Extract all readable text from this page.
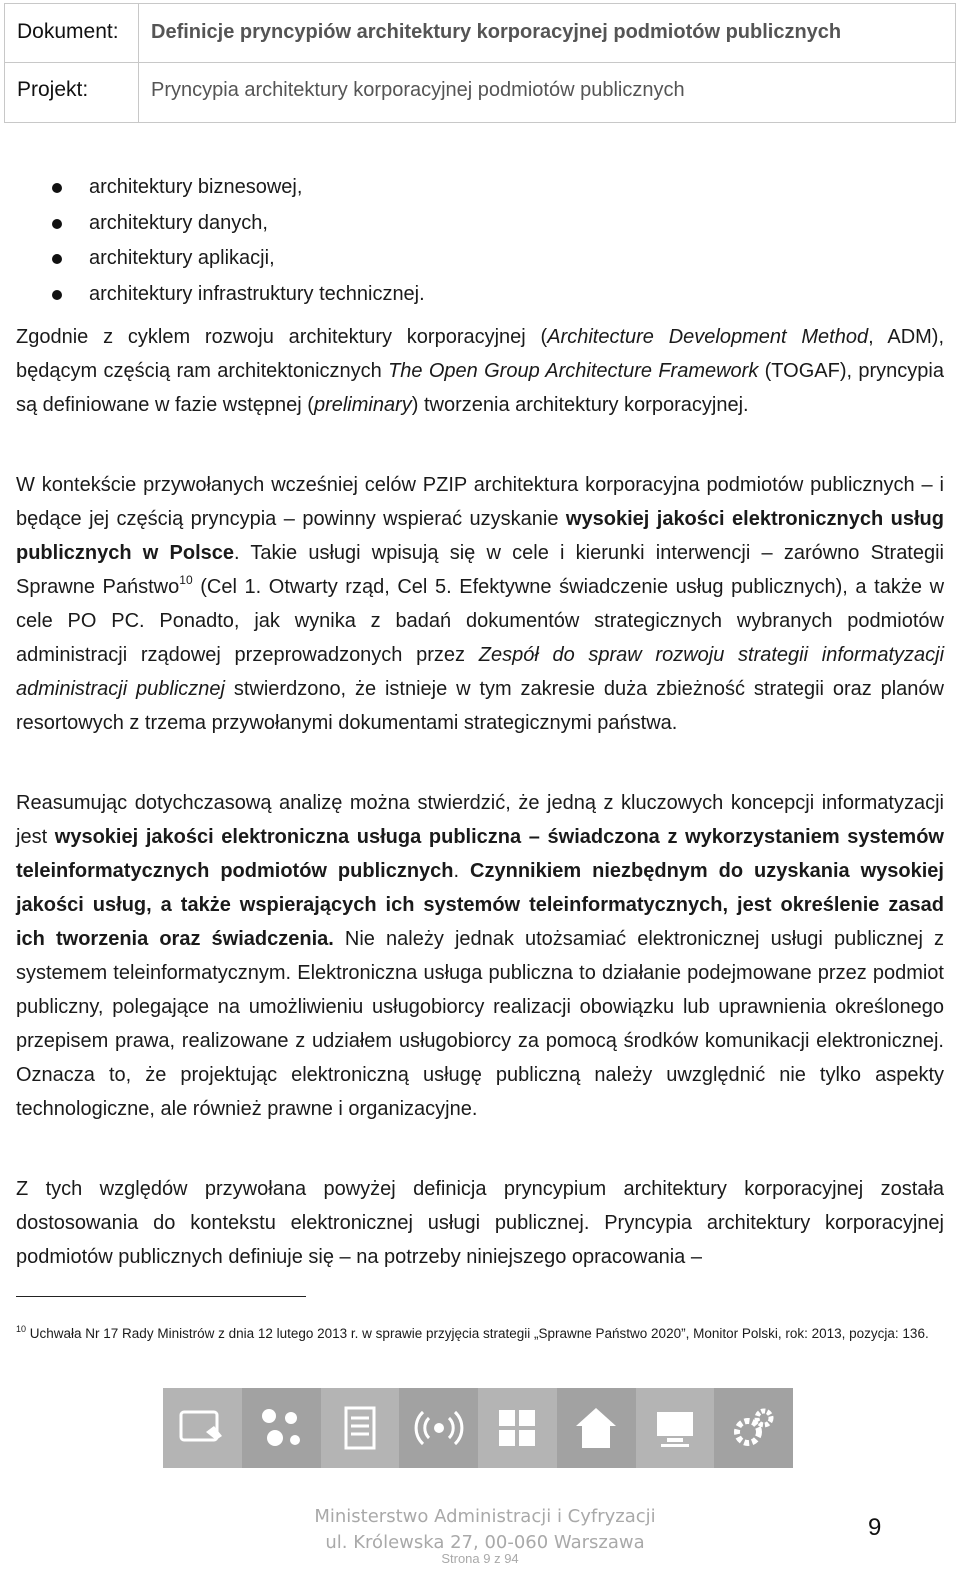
Dokument:	Definicje pryncypiów architektury korporacyjnej podmiotów publicznych
Projekt:	Pryncypia architektury korporacyjnej podmiotów publicznych
architektury biznesowej,
architektury danych,
architektury aplikacji,
architektury infrastruktury technicznej.

Zgodnie z cyklem rozwoju architektury korporacyjnej (Architecture Development Method, ADM), będącym częścią ram architektonicznych The Open Group Architecture Framework (TOGAF), pryncypia są definiowane w fazie wstępnej (preliminary) tworzenia architektury korporacyjnej.

W kontekście przywołanych wcześniej celów PZIP architektura korporacyjna podmiotów publicznych – i będące jej częścią pryncypia – powinny wspierać uzyskanie wysokiej jakości elektronicznych usług publicznych w Polsce. Takie usługi wpisują się w cele i kierunki interwencji – zarówno Strategii Sprawne Państwo$^{10}$ (Cel 1. Otwarty rząd, Cel 5. Efektywne świadczenie usług publicznych), a także w cele PO PC. Ponadto, jak wynika z badań dokumentów strategicznych wybranych podmiotów administracji rządowej przeprowadzonych przez Zespół do spraw rozwoju strategii informatyzacji administracji publicznej stwierdzono, że istnieje w tym zakresie duża zbieżność strategii oraz planów resortowych z trzema przywołanymi dokumentami strategicznymi państwa.

Reasumując dotychczasową analizę można stwierdzić, że jedną z kluczowych koncepcji informatyzacji jest wysokiej jakości elektroniczna usługa publiczna – świadczona z wykorzystaniem systemów teleinformatycznych podmiotów publicznych. Czynnikiem niezbędnym do uzyskania wysokiej jakości usług, a także wspierających ich systemów teleinformatycznych, jest określenie zasad ich tworzenia oraz świadczenia. Nie należy jednak utożsamiać elektronicznej usługi publicznej z systemem teleinformatycznym. Elektroniczna usługa publiczna to działanie podejmowane przez podmiot publiczny, polegające na umożliwieniu usługobiorcy realizacji obowiązku lub uprawnienia określonego przepisem prawa, realizowane z udziałem usługobiorcy za pomocą środków komunikacji elektronicznej. Oznacza to, że projektując elektroniczną usługę publiczną należy uwzględnić nie tylko aspekty technologiczne, ale również prawne i organizacyjne.

Z tych względów przywołana powyżej definicja pryncypium architektury korporacyjnej została dostosowania do kontekstu elektronicznej usługi publicznej. Pryncypia architektury korporacyjnej podmiotów publicznych definiuje się – na potrzeby niniejszego opracowania –

$^{10}$ Uchwała Nr 17 Rady Ministrów z dnia 12 lutego 2013 r. w sprawie przyjęcia strategii „Sprawne Państwo 2020”, Monitor Polski, rok: 2013, pozycja: 136.

Ministerstwo Administracji i Cyfryzacji
ul. Królewska 27, 00-060 Warszawa

9

Strona 9 z 94
